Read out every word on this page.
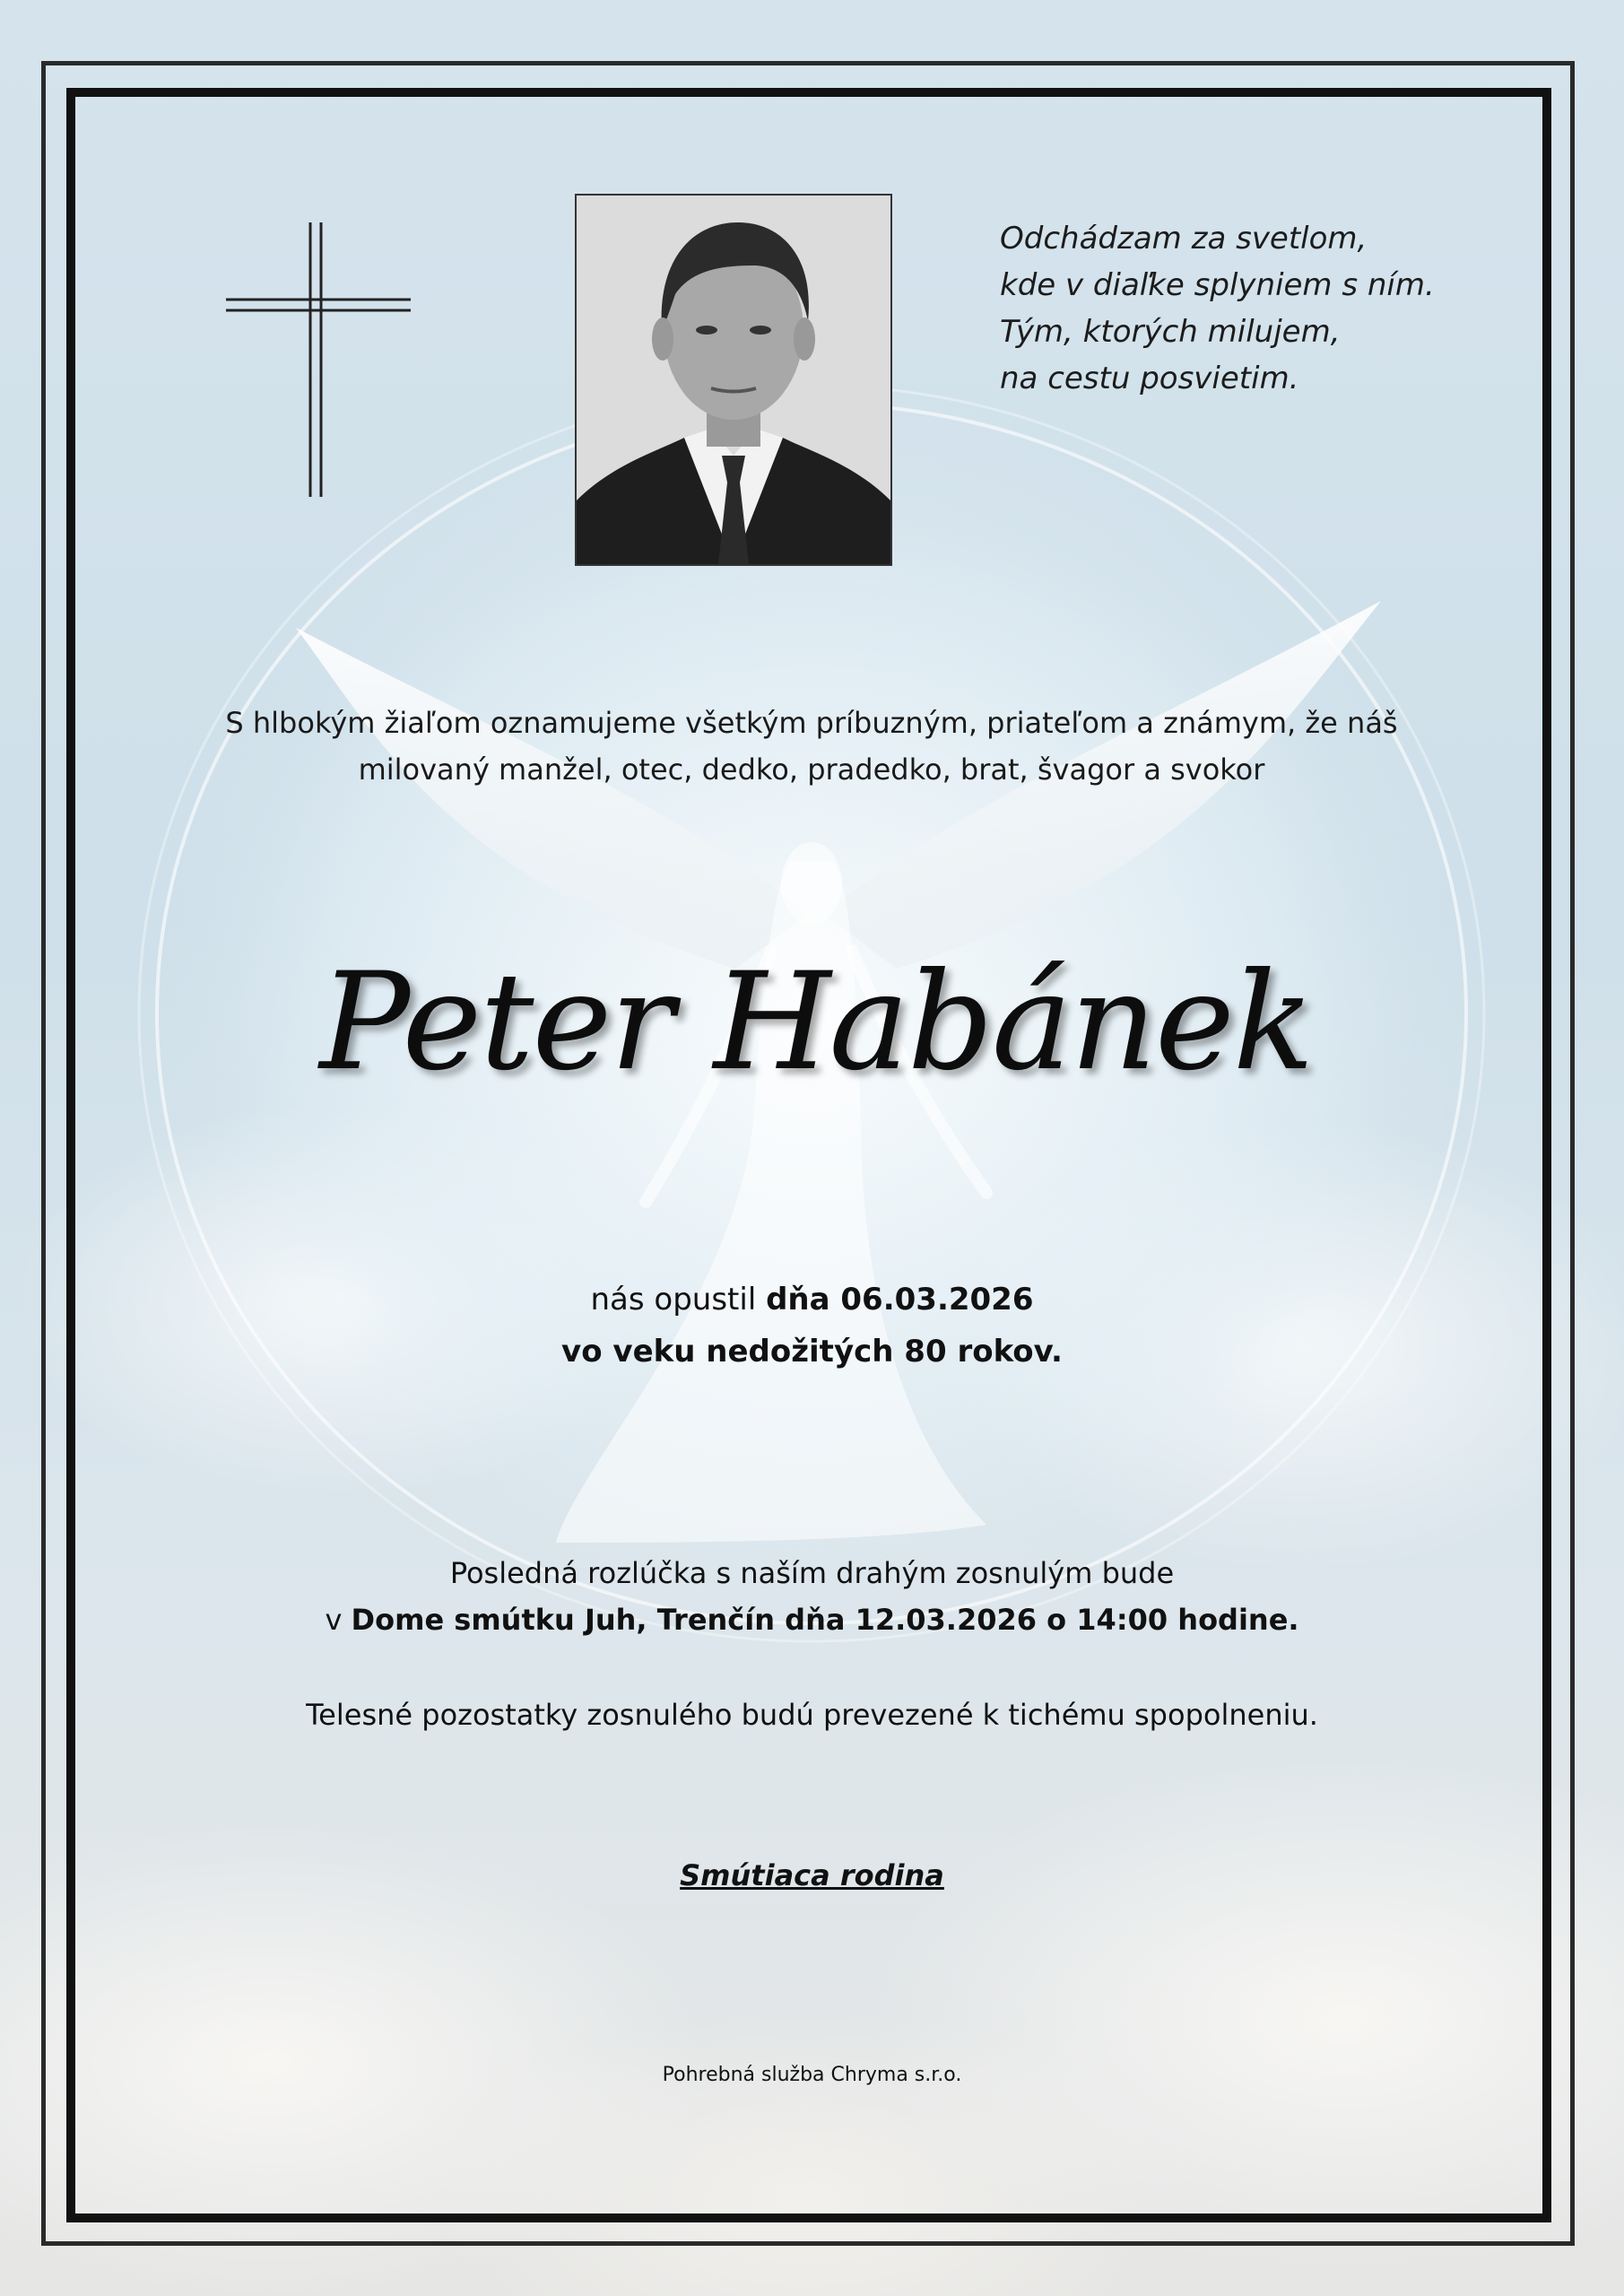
Odchádzam za svetlom,
kde v diaľke splyniem s ním.
Tým, ktorých milujem,
na cestu posvietim.
S hlbokým žiaľom oznamujeme všetkým príbuzným, priateľom a známym, že náš
milovaný manžel, otec, dedko, pradedko, brat, švagor a svokor
Peter Habánek
nás opustil dňa 06.03.2026
vo veku nedožitých 80 rokov.
Posledná rozlúčka s naším drahým zosnulým bude
v Dome smútku Juh, Trenčín dňa 12.03.2026 o 14:00 hodine.
Telesné pozostatky zosnulého budú prevezené k tichému spopolneniu.
Smútiaca rodina
Pohrebná služba Chryma s.r.o.
